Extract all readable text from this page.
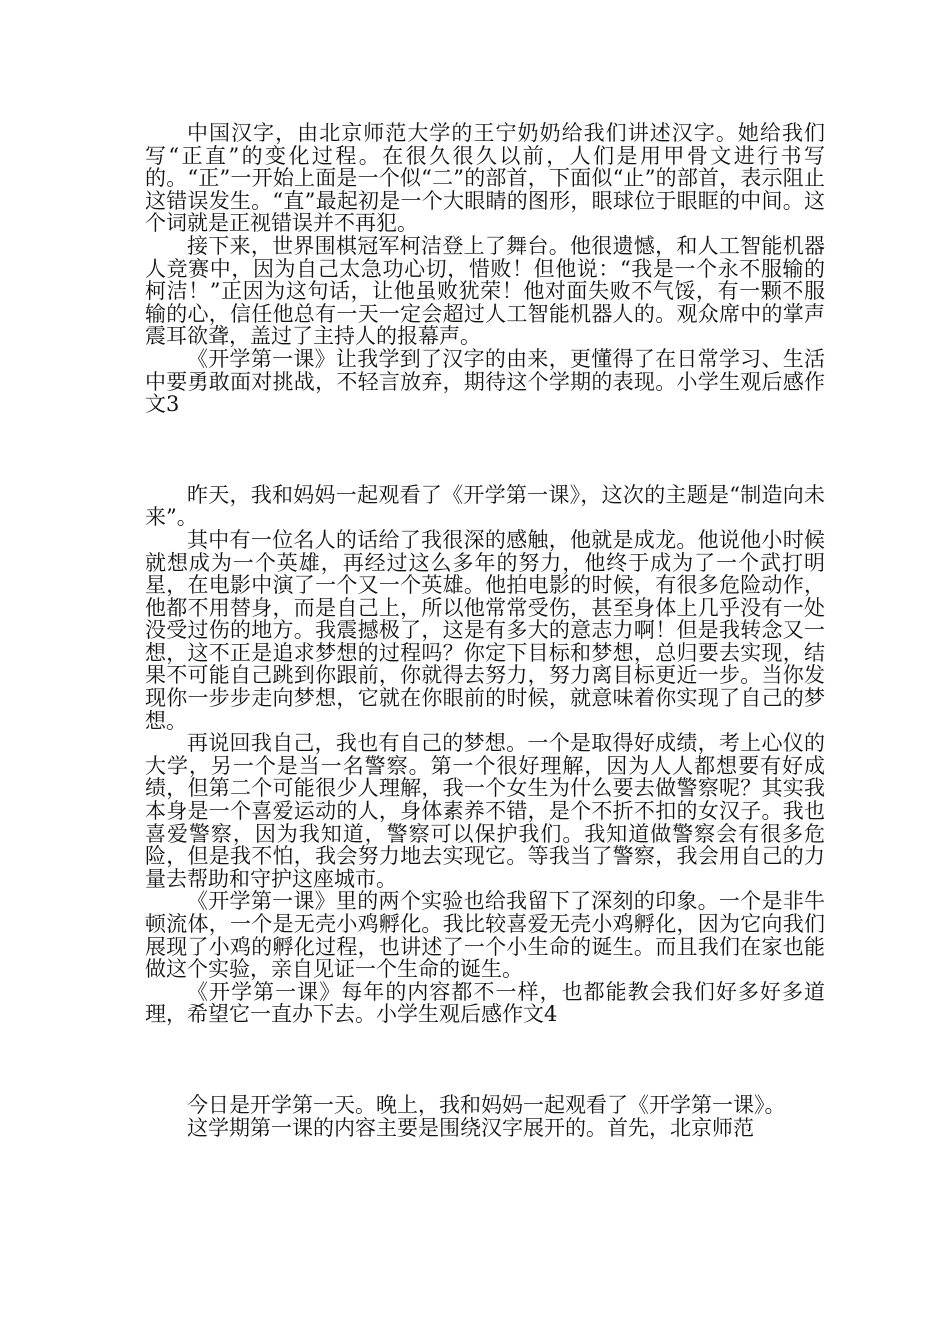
中国汉字，由北京师范大学的王宁奶奶给我们讲述汉字。她给我们写“正直”的变化过程。在很久很久以前，人们是用甲骨文进行书写的。“正”一开始上面是一个似“二”的部首，下面似“止”的部首，表示阻止这错误发生。“直”最起初是一个大眼睛的图形，眼球位于眼眶的中间。这个词就是正视错误并不再犯。

接下来，世界围棋冠军柯洁登上了舞台。他很遗憾，和人工智能机器人竞赛中，因为自己太急功心切，惜败！但他说：“我是一个永不服输的柯洁！”正因为这句话，让他虽败犹荣！他对面失败不气馁，有一颗不服输的心，信任他总有一天一定会超过人工智能机器人的。观众席中的掌声震耳欲聋，盖过了主持人的报幕声。

《开学第一课》让我学到了汉字的由来，更懂得了在日常学习、生活中要勇敢面对挑战，不轻言放弃，期待这个学期的表现。小学生观后感作文3

昨天，我和妈妈一起观看了《开学第一课》，这次的主题是“制造向未来”。

其中有一位名人的话给了我很深的感触，他就是成龙。他说他小时候就想成为一个英雄，再经过这么多年的努力，他终于成为了一个武打明星，在电影中演了一个又一个英雄。他拍电影的时候，有很多危险动作，他都不用替身，而是自己上，所以他常常受伤，甚至身体上几乎没有一处没受过伤的地方。我震撼极了，这是有多大的意志力啊！但是我转念又一想，这不正是追求梦想的过程吗？你定下目标和梦想，总归要去实现，结果不可能自己跳到你跟前，你就得去努力，努力离目标更近一步。当你发现你一步步走向梦想，它就在你眼前的时候，就意味着你实现了自己的梦想。

再说回我自己，我也有自己的梦想。一个是取得好成绩，考上心仪的大学，另一个是当一名警察。第一个很好理解，因为人人都想要有好成绩，但第二个可能很少人理解，我一个女生为什么要去做警察呢？其实我本身是一个喜爱运动的人，身体素养不错，是个不折不扣的女汉子。我也喜爱警察，因为我知道，警察可以保护我们。我知道做警察会有很多危险，但是我不怕，我会努力地去实现它。等我当了警察，我会用自己的力量去帮助和守护这座城市。

《开学第一课》里的两个实验也给我留下了深刻的印象。一个是非牛顿流体，一个是无壳小鸡孵化。我比较喜爱无壳小鸡孵化，因为它向我们展现了小鸡的孵化过程，也讲述了一个小生命的诞生。而且我们在家也能做这个实验，亲自见证一个生命的诞生。

《开学第一课》每年的内容都不一样，也都能教会我们好多好多道理，希望它一直办下去。小学生观后感作文4

今日是开学第一天。晚上，我和妈妈一起观看了《开学第一课》。

这学期第一课的内容主要是围绕汉字展开的。首先，北京师范
